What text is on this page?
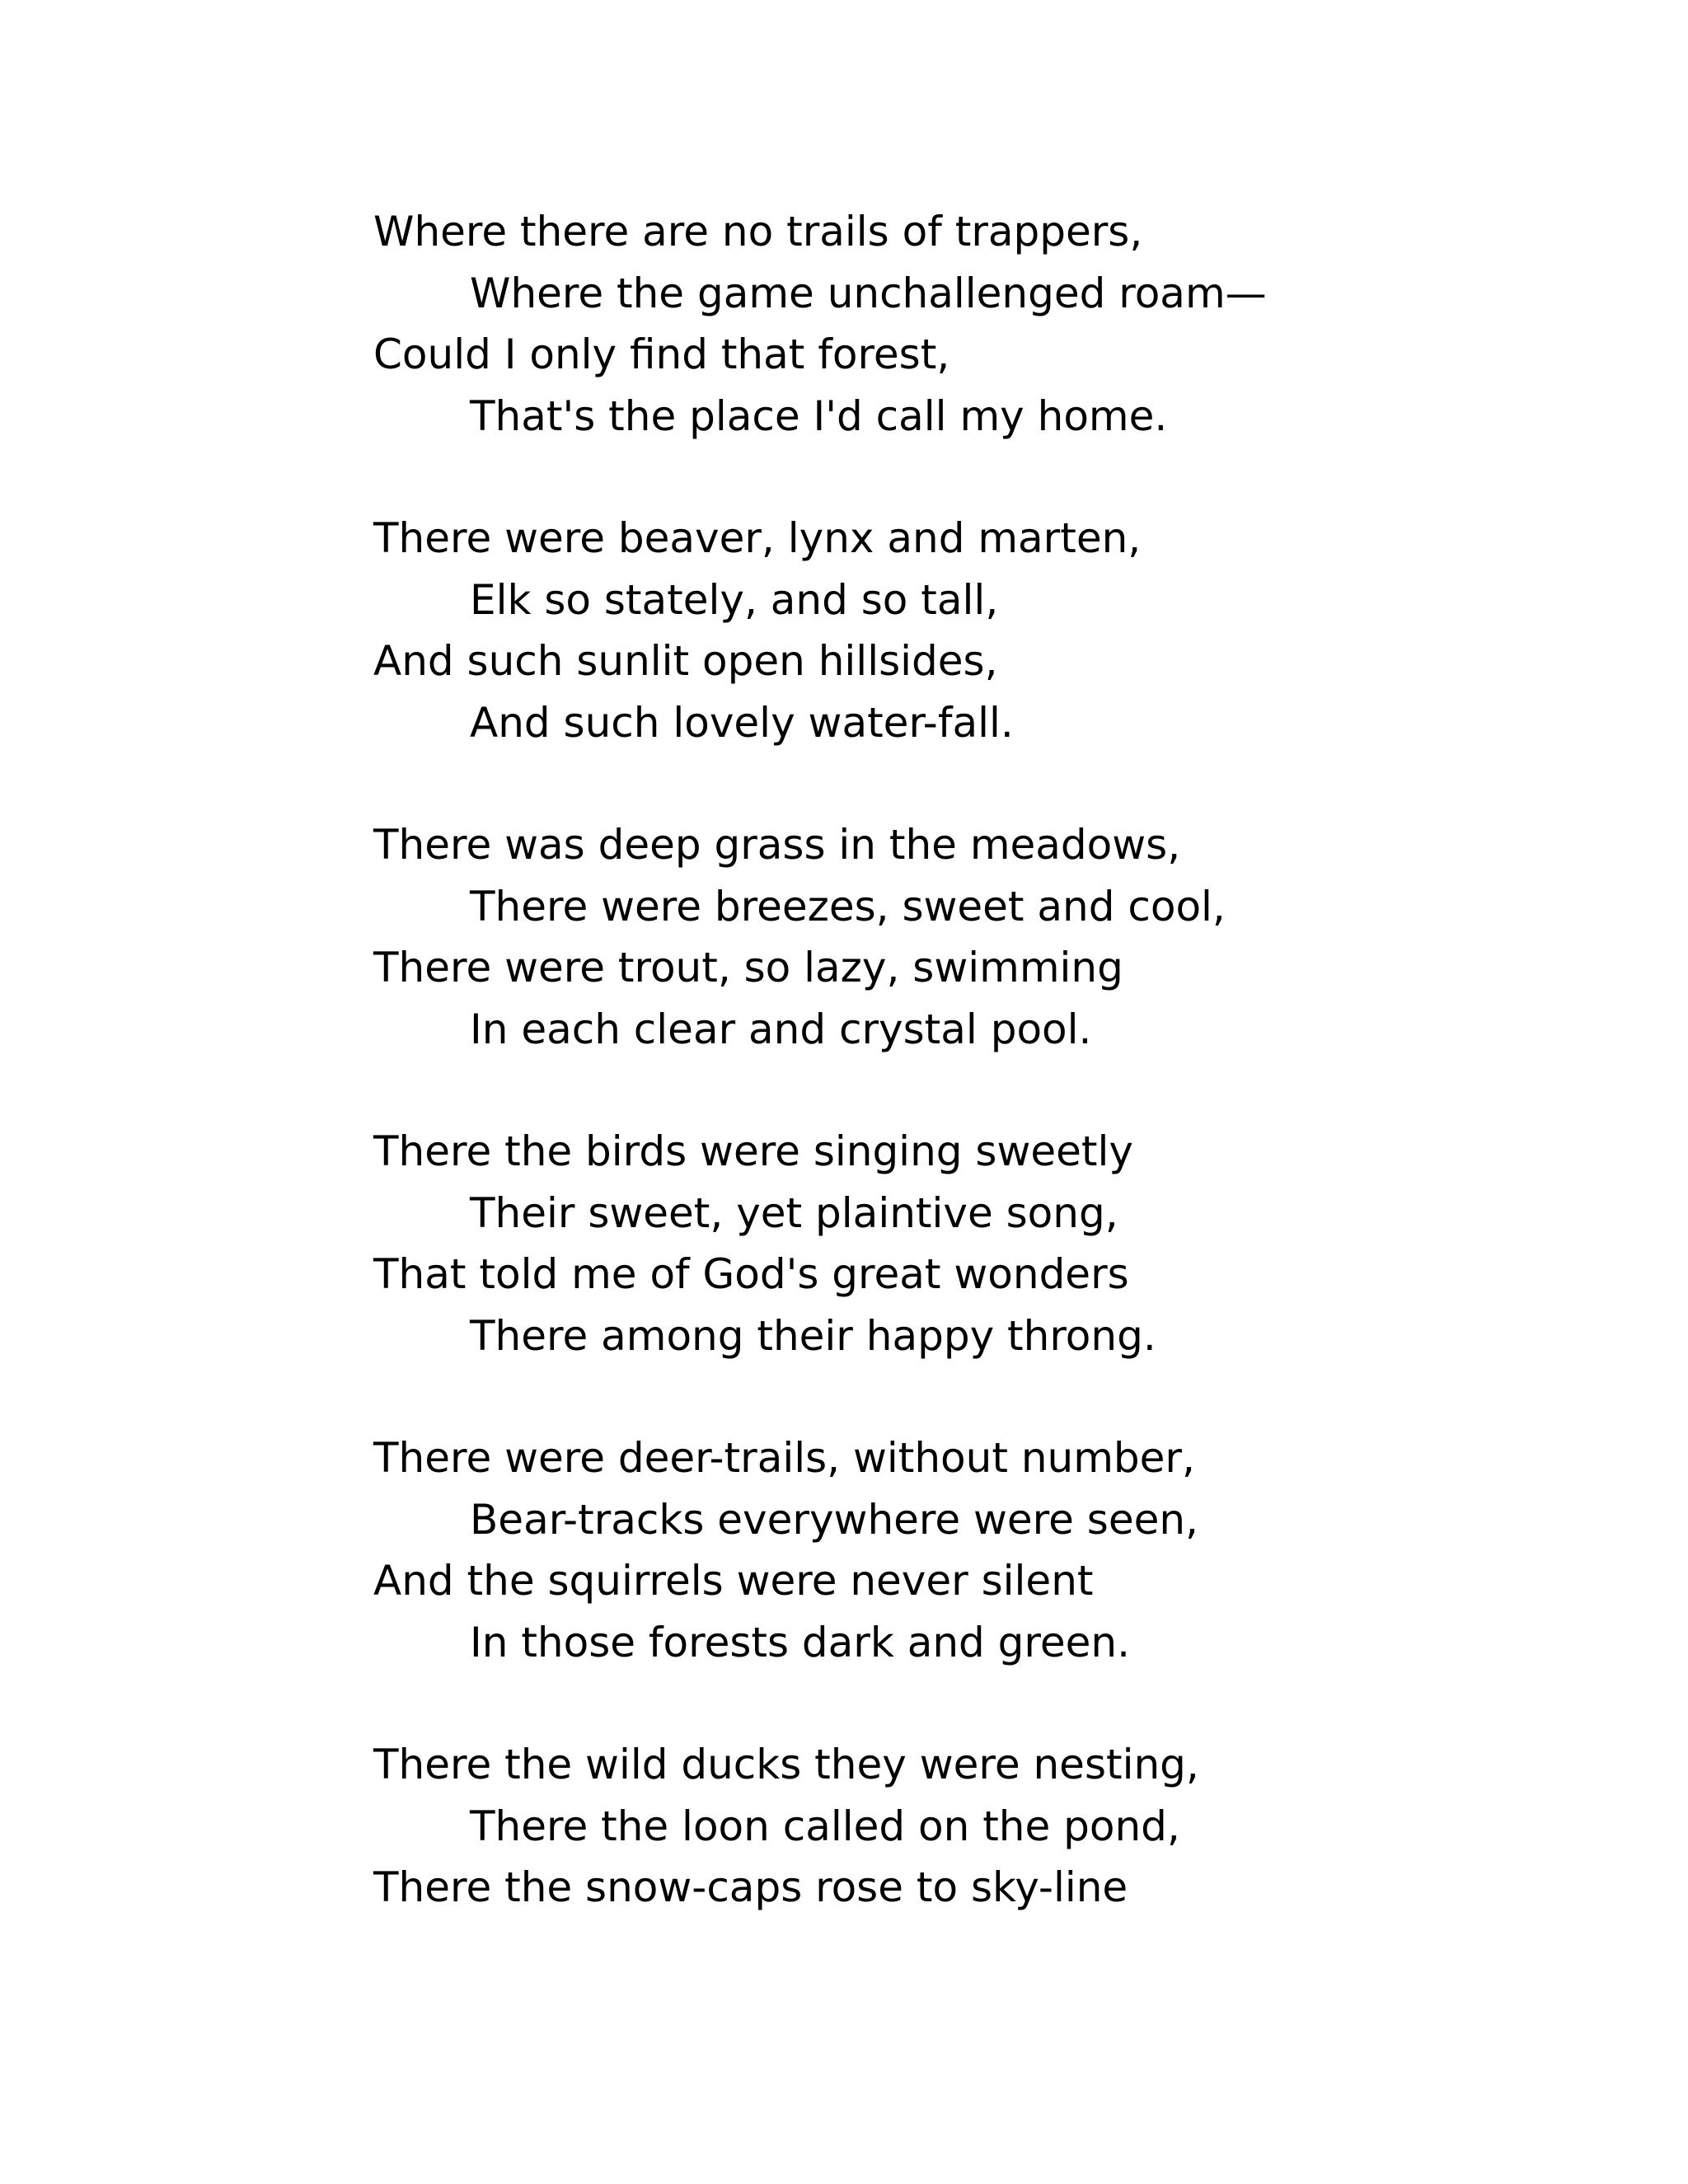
Where there are no trails of trappers,
Where the game unchallenged roam—
Could I only find that forest,
That's the place I'd call my home.
There were beaver, lynx and marten,
Elk so stately, and so tall,
And such sunlit open hillsides,
And such lovely water-fall.
There was deep grass in the meadows,
There were breezes, sweet and cool,
There were trout, so lazy, swimming
In each clear and crystal pool.
There the birds were singing sweetly
Their sweet, yet plaintive song,
That told me of God's great wonders
There among their happy throng.
There were deer-trails, without number,
Bear-tracks everywhere were seen,
And the squirrels were never silent
In those forests dark and green.
There the wild ducks they were nesting,
There the loon called on the pond,
There the snow-caps rose to sky-line
